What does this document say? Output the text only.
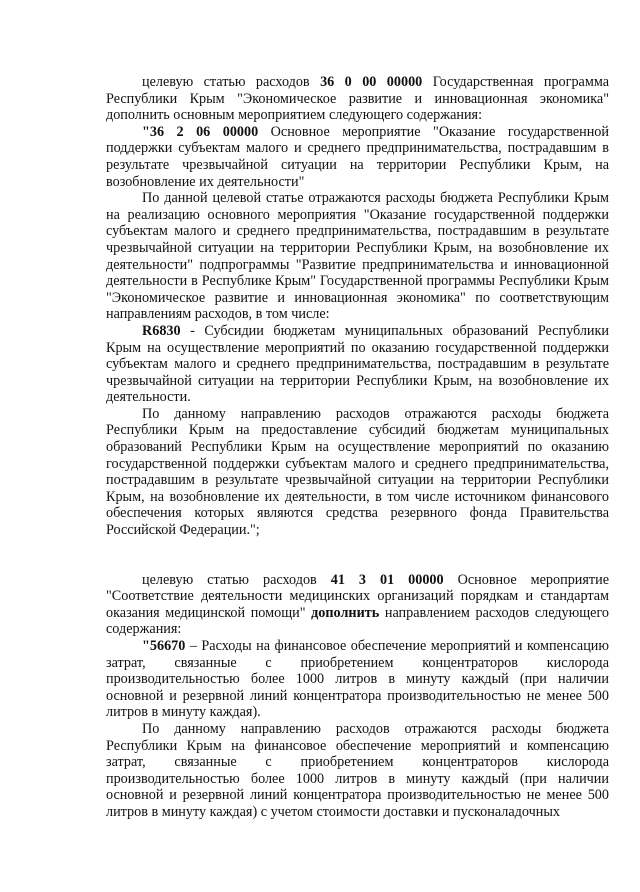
целевую статью расходов 36 0 00 00000 Государственная программа Республики Крым "Экономическое развитие и инновационная экономика" дополнить основным мероприятием следующего содержания:

"36 2 06 00000 Основное мероприятие "Оказание государственной поддержки субъектам малого и среднего предпринимательства, пострадавшим в результате чрезвычайной ситуации на территории Республики Крым, на возобновление их деятельности"

По данной целевой статье отражаются расходы бюджета Республики Крым на реализацию основного мероприятия "Оказание государственной поддержки субъектам малого и среднего предпринимательства, пострадавшим в результате чрезвычайной ситуации на территории Республики Крым, на возобновление их деятельности" подпрограммы "Развитие предпринимательства и инновационной деятельности в Республике Крым" Государственной программы Республики Крым "Экономическое развитие и инновационная экономика" по соответствующим направлениям расходов, в том числе:

R6830 - Субсидии бюджетам муниципальных образований Республики Крым на осуществление мероприятий по оказанию государственной поддержки субъектам малого и среднего предпринимательства, пострадавшим в результате чрезвычайной ситуации на территории Республики Крым, на возобновление их деятельности.

По данному направлению расходов отражаются расходы бюджета Республики Крым на предоставление субсидий бюджетам муниципальных образований Республики Крым на осуществление мероприятий по оказанию государственной поддержки субъектам малого и среднего предпринимательства, пострадавшим в результате чрезвычайной ситуации на территории Республики Крым, на возобновление их деятельности, в том числе источником финансового обеспечения которых являются средства резервного фонда Правительства Российской Федерации.";

целевую статью расходов 41 3 01 00000 Основное мероприятие "Соответствие деятельности медицинских организаций порядкам и стандартам оказания медицинской помощи" дополнить направлением расходов следующего содержания:

"56670 – Расходы на финансовое обеспечение мероприятий и компенсацию затрат, связанные с приобретением концентраторов кислорода производительностью более 1000 литров в минуту каждый (при наличии основной и резервной линий концентратора производительностью не менее 500 литров в минуту каждая).

По данному направлению расходов отражаются расходы бюджета Республики Крым на финансовое обеспечение мероприятий и компенсацию затрат, связанные с приобретением концентраторов кислорода производительностью более 1000 литров в минуту каждый (при наличии основной и резервной линий концентратора производительностью не менее 500 литров в минуту каждая) с учетом стоимости доставки и пусконаладочных
